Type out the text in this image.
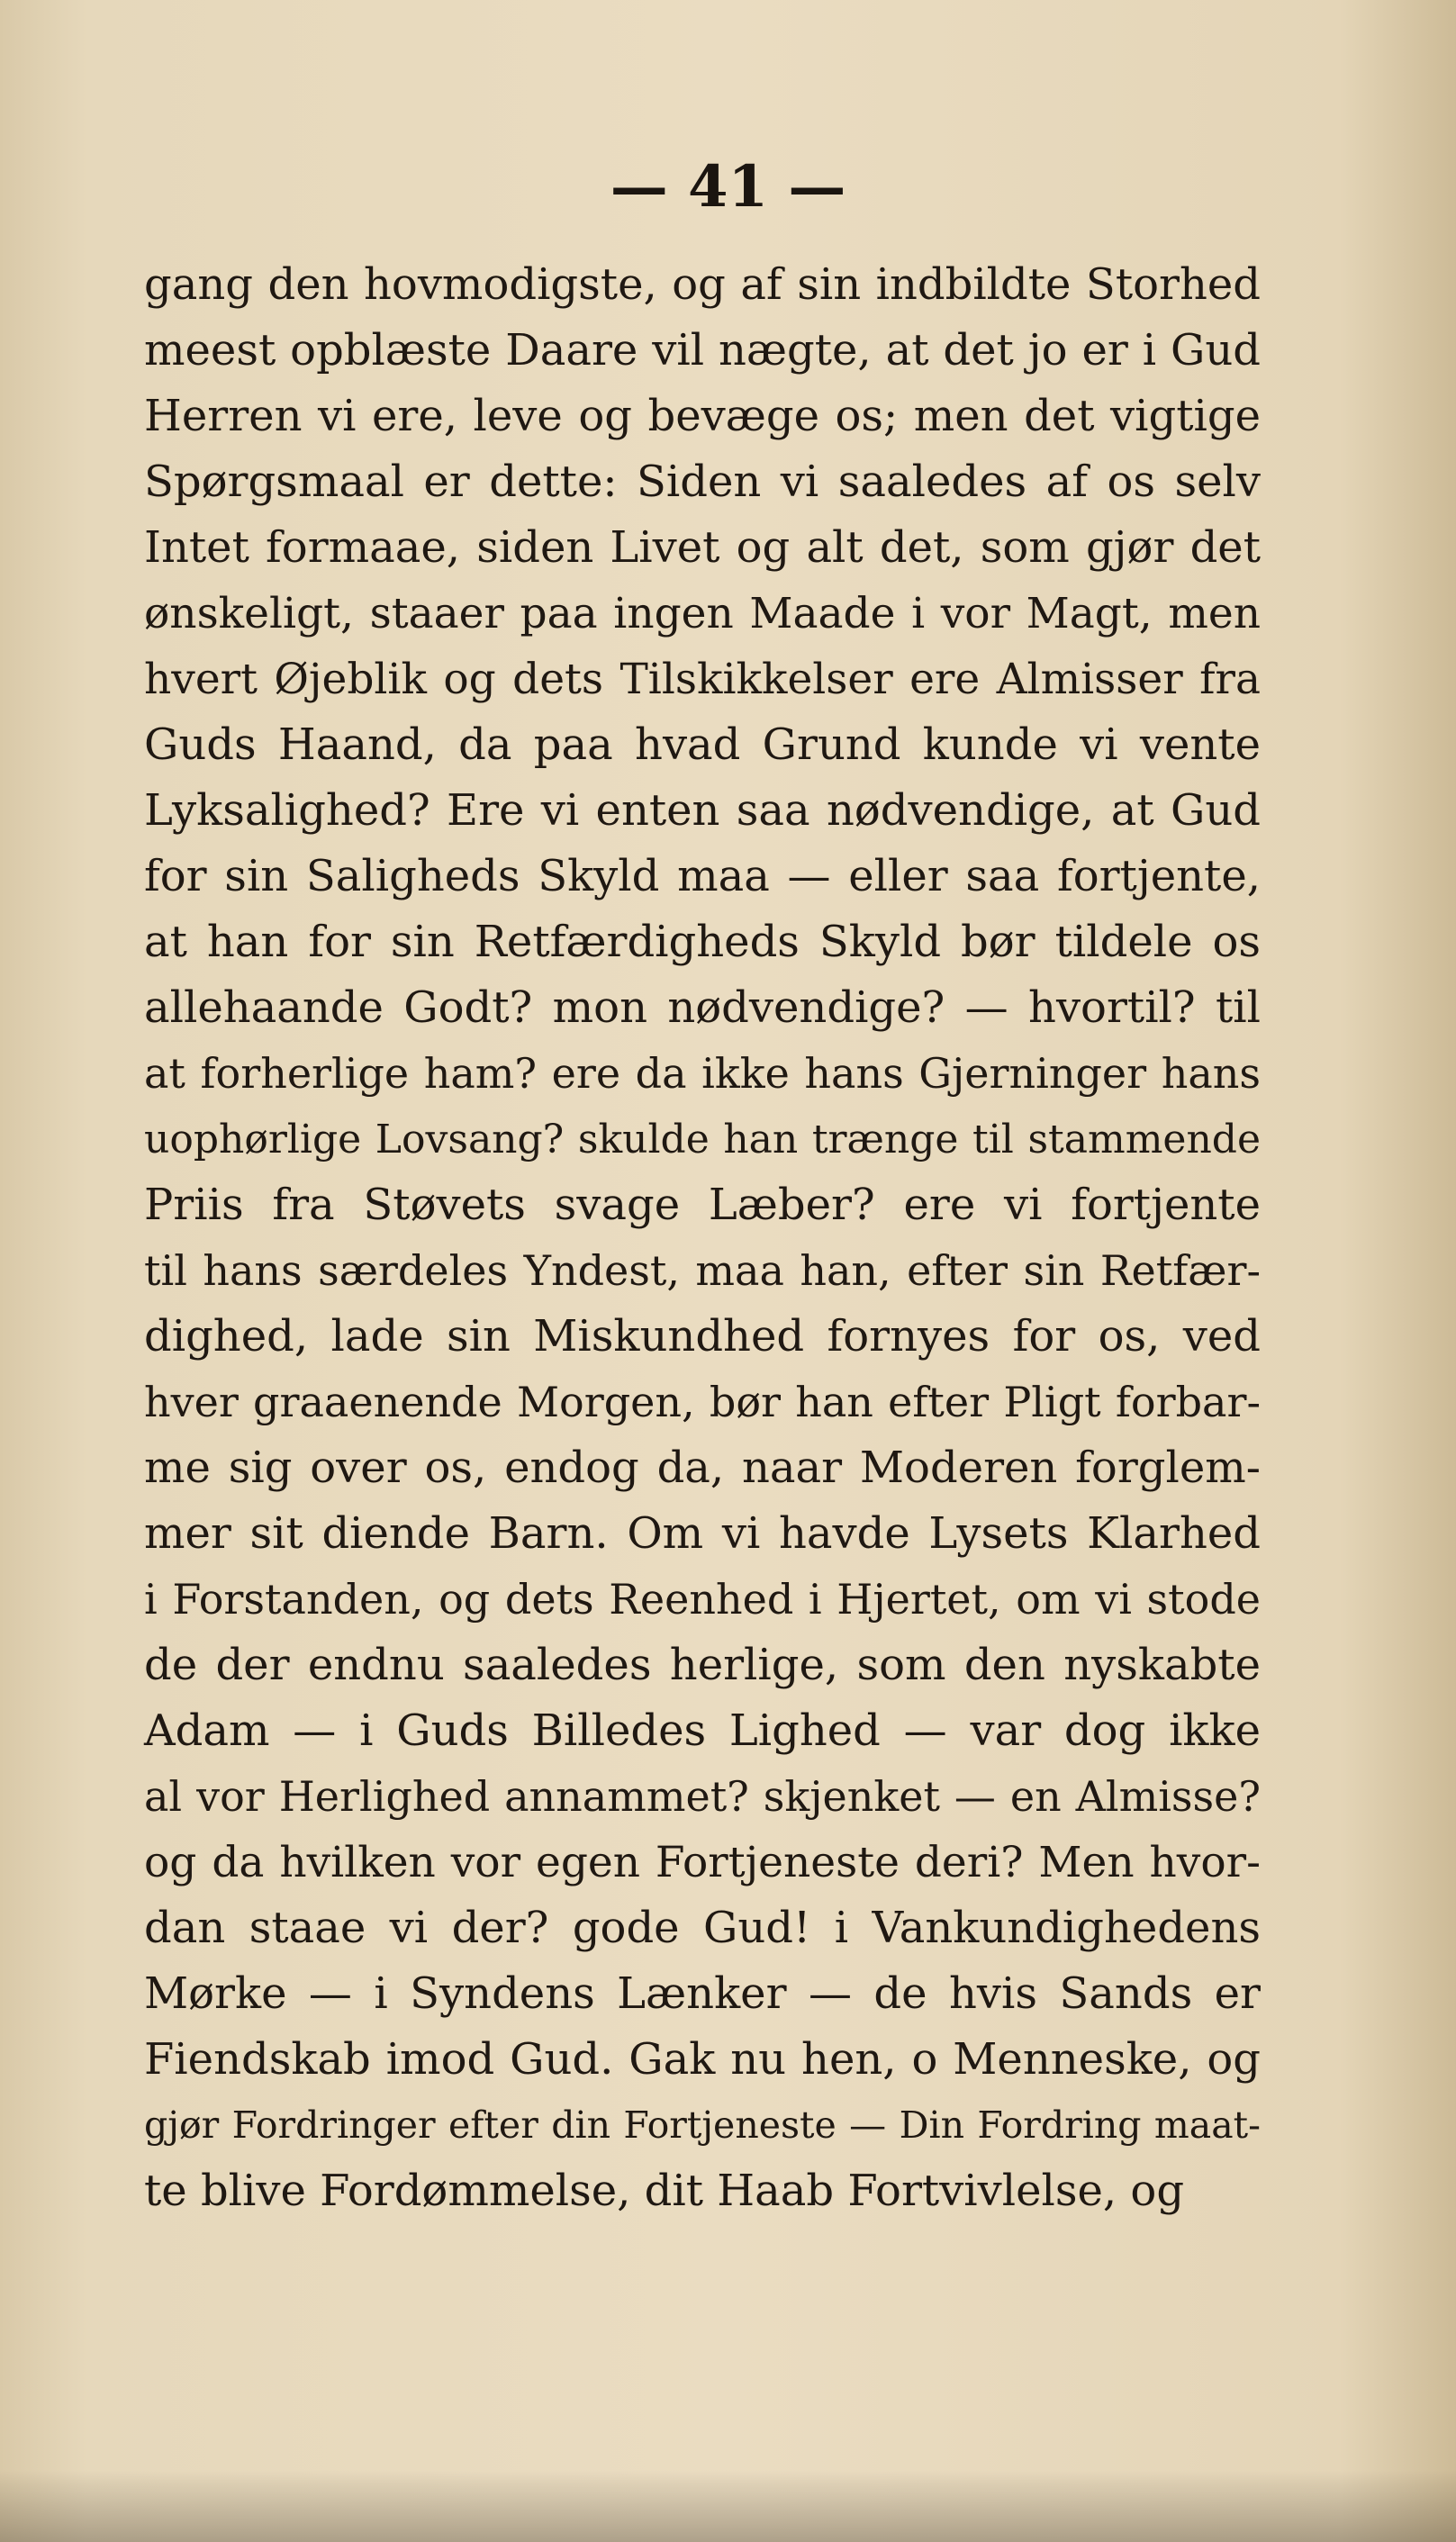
— 41 —
gang den hovmodigste, og af sin indbildte Storhed
meest opblæste Daare vil nægte, at det jo er i Gud
Herren vi ere, leve og bevæge os; men det vigtige
Spørgsmaal er dette: Siden vi saaledes af os selv
Intet formaae, siden Livet og alt det, som gjør det
ønskeligt, staaer paa ingen Maade i vor Magt, men
hvert Øjeblik og dets Tilskikkelser ere Almisser fra
Guds Haand, da paa hvad Grund kunde vi vente
Lyksalighed? Ere vi enten saa nødvendige, at Gud
for sin Saligheds Skyld maa — eller saa fortjente,
at han for sin Retfærdigheds Skyld bør tildele os
allehaande Godt? mon nødvendige? — hvortil? til
at forherlige ham? ere da ikke hans Gjerninger hans
uophørlige Lovsang? skulde han trænge til stammende
Priis fra Støvets svage Læber? ere vi fortjente
til hans særdeles Yndest, maa han, efter sin Retfær-
dighed, lade sin Miskundhed fornyes for os, ved
hver graaenende Morgen, bør han efter Pligt forbar-
me sig over os, endog da, naar Moderen forglem-
mer sit diende Barn. Om vi havde Lysets Klarhed
i Forstanden, og dets Reenhed i Hjertet, om vi stode
de der endnu saaledes herlige, som den nyskabte
Adam — i Guds Billedes Lighed — var dog ikke
al vor Herlighed annammet? skjenket — en Almisse?
og da hvilken vor egen Fortjeneste deri? Men hvor-
dan staae vi der? gode Gud! i Vankundighedens
Mørke — i Syndens Lænker — de hvis Sands er
Fiendskab imod Gud. Gak nu hen, o Menneske, og
gjør Fordringer efter din Fortjeneste — Din Fordring maat-
te blive Fordømmelse, dit Haab Fortvivlelse, og
